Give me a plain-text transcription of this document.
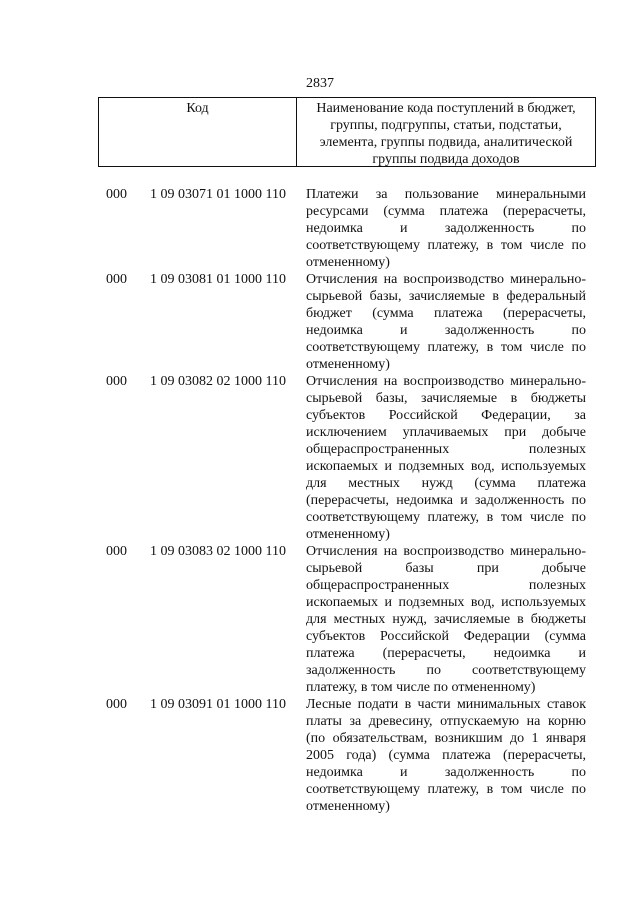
2837
Код	Наименование кода поступлений в бюджет, группы, подгруппы, статьи, подстатьи, элемента, группы подвида, аналитической группы подвида доходов
000	1 09 03071 01 1000 110	Платежи за пользование минеральными
ресурсами (сумма платежа (перерасчеты,
недоимка и задолженность по
соответствующему платежу, в том числе по
отмененному)
000	1 09 03081 01 1000 110	Отчисления на воспроизводство минерально-
сырьевой базы, зачисляемые в федеральный
бюджет (сумма платежа (перерасчеты,
недоимка и задолженность по
соответствующему платежу, в том числе по
отмененному)
000	1 09 03082 02 1000 110	Отчисления на воспроизводство минерально-
сырьевой базы, зачисляемые в бюджеты
субъектов Российской Федерации, за
исключением уплачиваемых при добыче
общераспространенных полезных
ископаемых и подземных вод, используемых
для местных нужд (сумма платежа
(перерасчеты, недоимка и задолженность по
соответствующему платежу, в том числе по
отмененному)
000	1 09 03083 02 1000 110	Отчисления на воспроизводство минерально-
сырьевой базы при добыче
общераспространенных полезных
ископаемых и подземных вод, используемых
для местных нужд, зачисляемые в бюджеты
субъектов Российской Федерации (сумма
платежа (перерасчеты, недоимка и
задолженность по соответствующему
платежу, в том числе по отмененному)
000	1 09 03091 01 1000 110	Лесные подати в части минимальных ставок
платы за древесину, отпускаемую на корню
(по обязательствам, возникшим до 1 января
2005 года) (сумма платежа (перерасчеты,
недоимка и задолженность по
соответствующему платежу, в том числе по
отмененному)
